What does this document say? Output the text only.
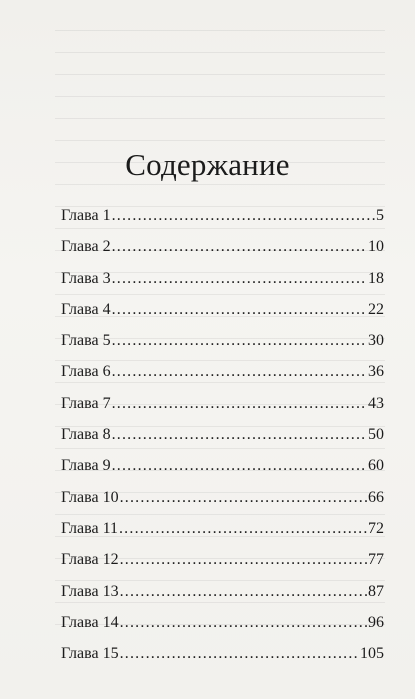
Содержание
Глава 1 .....	5
Глава 2 .....	10
Глава 3 .....	18
Глава 4 .....	22
Глава 5 .....	30
Глава 6 .....	36
Глава 7 .....	43
Глава 8 .....	50
Глава 9 .....	60
Глава 10 .....	66
Глава 11 .....	72
Глава 12 .....	77
Глава 13 .....	87
Глава 14 .....	96
Глава 15 .....	105
